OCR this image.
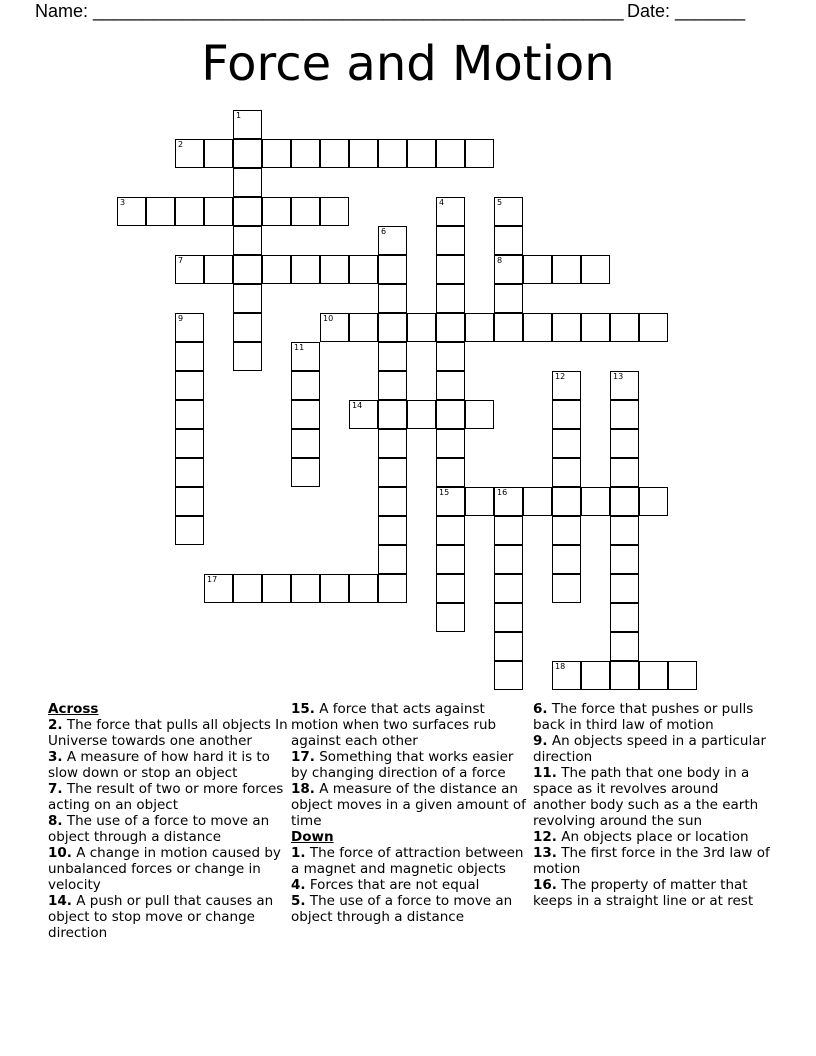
Name: _____________________________________________________ Date: _______
Force and Motion
1
2
3	4
15
5
8
6
7
9	10
11
12	13
14
16
17
18
Across
2. The force that pulls all objects In Universe towards one another
3. A measure of how hard it is to slow down or stop an object
7. The result of two or more forces acting on an object
8. The use of a force to move an object through a distance
10. A change in motion caused by unbalanced forces or change in velocity
14. A push or pull that causes an object to stop move or change direction
15. A force that acts against motion when two surfaces rub against each other
17. Something that works easier by changing direction of a force
18. A measure of the distance an object moves in a given amount of time
Down
1. The force of attraction between a magnet and magnetic objects
4. Forces that are not equal
5. The use of a force to move an object through a distance
6. The force that pushes or pulls back in third law of motion
9. An objects speed in a particular direction
11. The path that one body in a space as it revolves around another body such as a the earth revolving around the sun
12. An objects place or location
13. The first force in the 3rd law of motion
16. The property of matter that keeps in a straight line or at rest
